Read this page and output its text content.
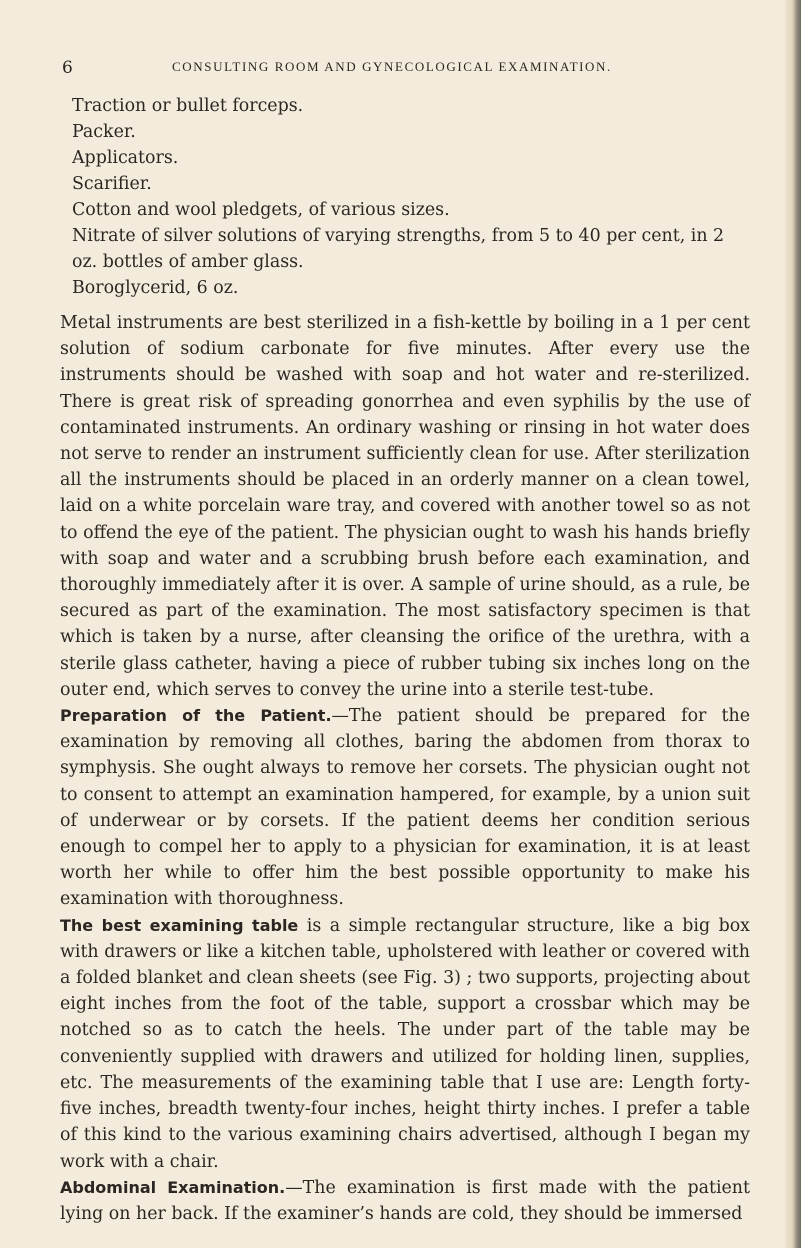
6	CONSULTING ROOM AND GYNECOLOGICAL EXAMINATION.
Traction or bullet forceps.
Packer.
Applicators.
Scarifier.
Cotton and wool pledgets, of various sizes.
Nitrate of silver solutions of varying strengths, from 5 to 40 per cent, in 2 oz. bottles of amber glass.
Boroglycerid, 6 oz.

Metal instruments are best sterilized in a fish-kettle by boiling in a 1 per cent solution of sodium carbonate for five minutes. After every use the instruments should be washed with soap and hot water and re-sterilized. There is great risk of spreading gonorrhea and even syphilis by the use of contaminated instruments. An ordinary washing or rinsing in hot water does not serve to render an instrument sufficiently clean for use. After sterilization all the instruments should be placed in an orderly manner on a clean towel, laid on a white porcelain ware tray, and covered with another towel so as not to offend the eye of the patient. The physician ought to wash his hands briefly with soap and water and a scrubbing brush before each examination, and thoroughly immediately after it is over. A sample of urine should, as a rule, be secured as part of the examination. The most satisfactory specimen is that which is taken by a nurse, after cleansing the orifice of the urethra, with a sterile glass catheter, having a piece of rubber tubing six inches long on the outer end, which serves to convey the urine into a sterile test-tube.

Preparation of the Patient.—The patient should be prepared for the examination by removing all clothes, baring the abdomen from thorax to symphysis. She ought always to remove her corsets. The physician ought not to consent to attempt an examination hampered, for example, by a union suit of underwear or by corsets. If the patient deems her condition serious enough to compel her to apply to a physician for examination, it is at least worth her while to offer him the best possible opportunity to make his examination with thoroughness.

The best examining table is a simple rectangular structure, like a big box with drawers or like a kitchen table, upholstered with leather or covered with a folded blanket and clean sheets (see Fig. 3) ; two supports, projecting about eight inches from the foot of the table, support a crossbar which may be notched so as to catch the heels. The under part of the table may be conveniently supplied with drawers and utilized for holding linen, supplies, etc. The measurements of the examining table that I use are: Length forty-five inches, breadth twenty-four inches, height thirty inches. I prefer a table of this kind to the various examining chairs advertised, although I began my work with a chair.

Abdominal Examination.—The examination is first made with the patient lying on her back. If the examiner’s hands are cold, they should be immersed
